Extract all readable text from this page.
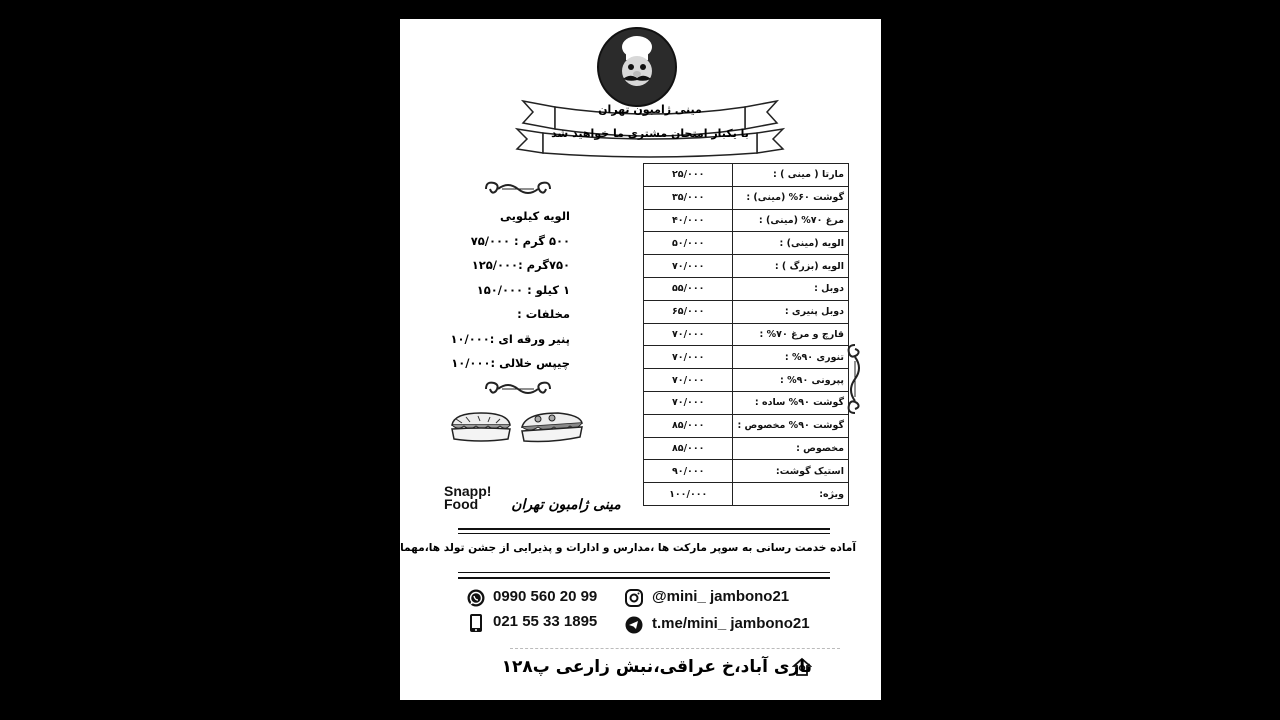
مینی ژامبون تهران
با یکبار امتحان مشتری ما خواهید شد
۲۵/۰۰۰	مارتا ( مینی ) :
۳۵/۰۰۰	گوشت ۶۰% (مینی) :
۴۰/۰۰۰	مرغ ۷۰% (مینی) :
۵۰/۰۰۰	الویه (مینی) :
۷۰/۰۰۰	الویه (بزرگ ) :
۵۵/۰۰۰	دوبل :
۶۵/۰۰۰	دوبل پنیری :
۷۰/۰۰۰	قارچ و مرغ ۷۰% :
۷۰/۰۰۰	تنوری ۹۰% :
۷۰/۰۰۰	پپرونی ۹۰% :
۷۰/۰۰۰	گوشت ۹۰% ساده :
۸۵/۰۰۰	گوشت ۹۰% مخصوص :
۸۵/۰۰۰	مخصوص :
۹۰/۰۰۰	استیک گوشت:
۱۰۰/۰۰۰	ویژه:
الویه کیلویی
۵۰۰ گرم : ۷۵/۰۰۰
۷۵۰گرم :۱۲۵/۰۰۰
۱ کیلو : ۱۵۰/۰۰۰
مخلفات :
پنیر ورقه ای :۱۰/۰۰۰
چیپس خلالی :۱۰/۰۰۰
Snapp!
Food	مینی ژامبون تهران
آماده خدمت رسانی به سوپر مارکت ها ،مدارس و ادارات و پذیرایی از جشن تولد ها،مهمانی ها و مراسم شما هستیم
0990 560 20 99
021 55 33 1895
@mini_ jambono21
t.me/mini_ jambono21
نازی آباد،خ عراقی،نبش زارعی پ۱۲۸
